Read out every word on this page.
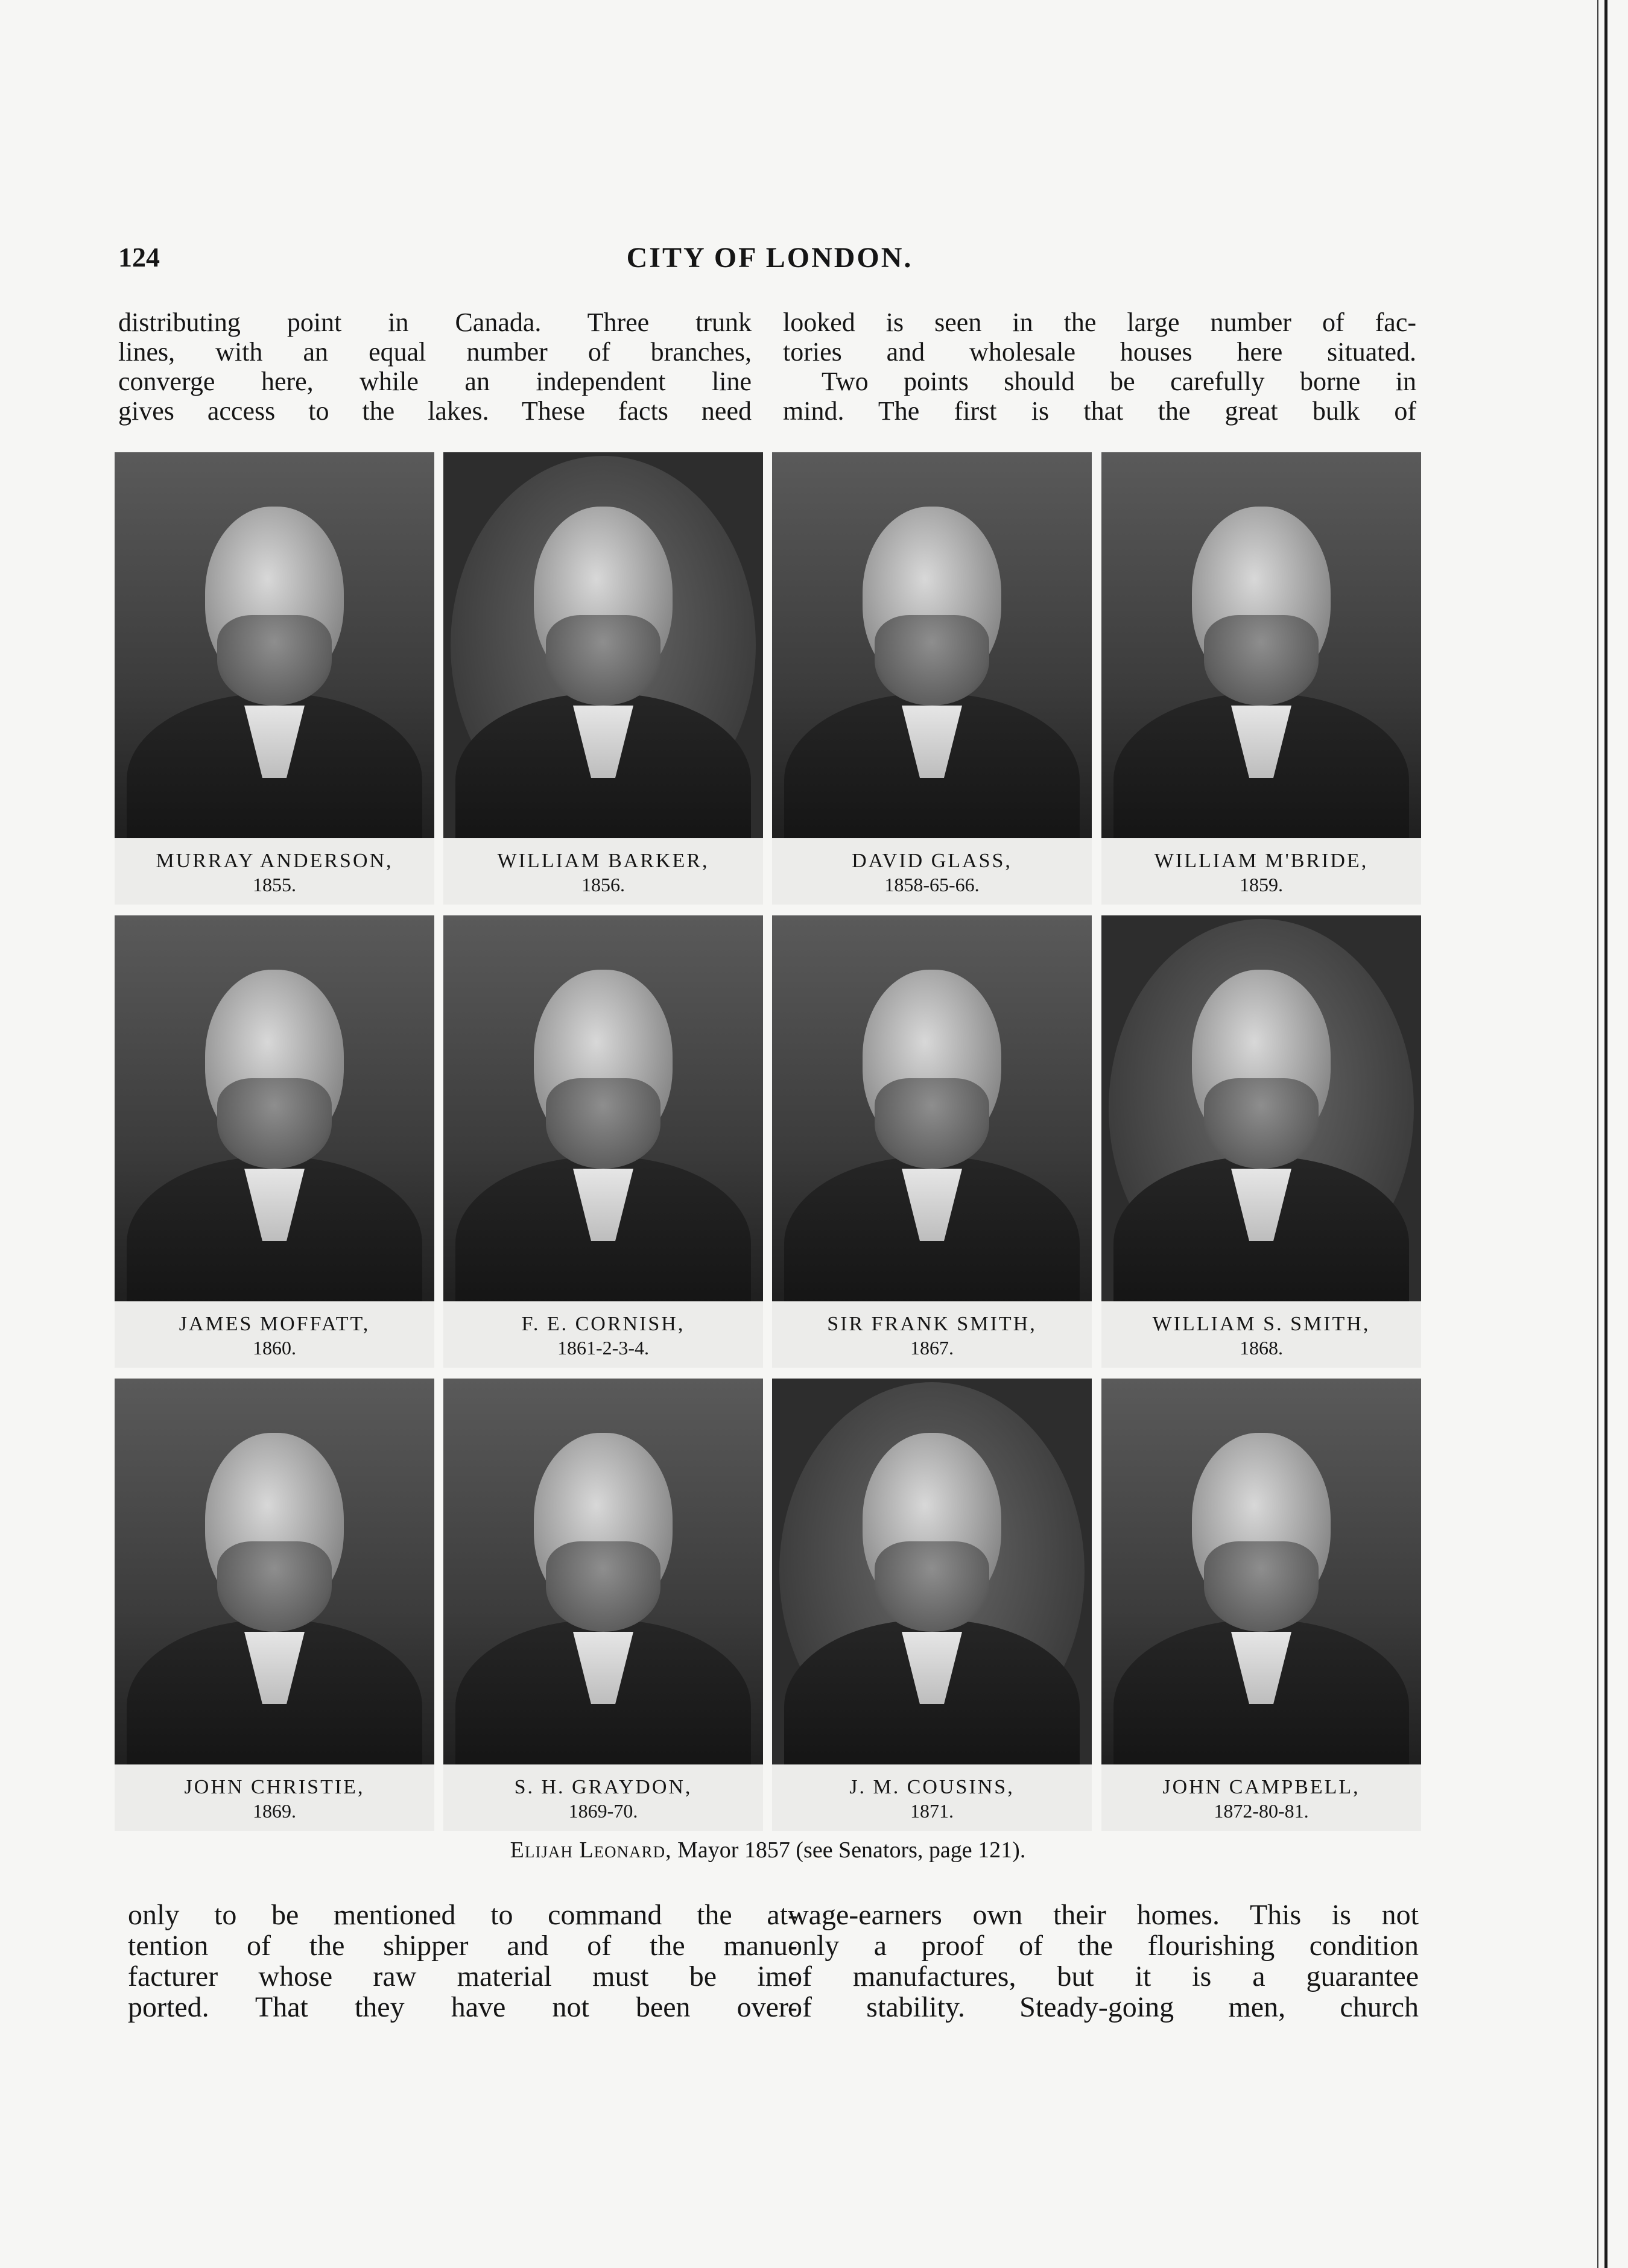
124	CITY OF LONDON.
distributing point in Canada. Three trunk
lines, with an equal number of branches,
converge here, while an independent line
gives access to the lakes. These facts need
looked is seen in the large number of fac-
tories and wholesale houses here situated.
Two points should be carefully borne in
mind. The first is that the great bulk of
MURRAY ANDERSON,
1855.
WILLIAM BARKER,
1856.
DAVID GLASS,
1858-65-66.
WILLIAM M'BRIDE,
1859.
JAMES MOFFATT,
1860.
F. E. CORNISH,
1861-2-3-4.
SIR FRANK SMITH,
1867.
WILLIAM S. SMITH,
1868.
JOHN CHRISTIE,
1869.
S. H. GRAYDON,
1869-70.
J. M. COUSINS,
1871.
JOHN CAMPBELL,
1872-80-81.
Elijah Leonard, Mayor 1857 (see Senators, page 121).
only to be mentioned to command the at-
tention of the shipper and of the manu-
facturer whose raw material must be im-
ported. That they have not been over-
wage-earners own their homes. This is not
only a proof of the flourishing condition
of manufactures, but it is a guarantee
of stability. Steady-going men, church
